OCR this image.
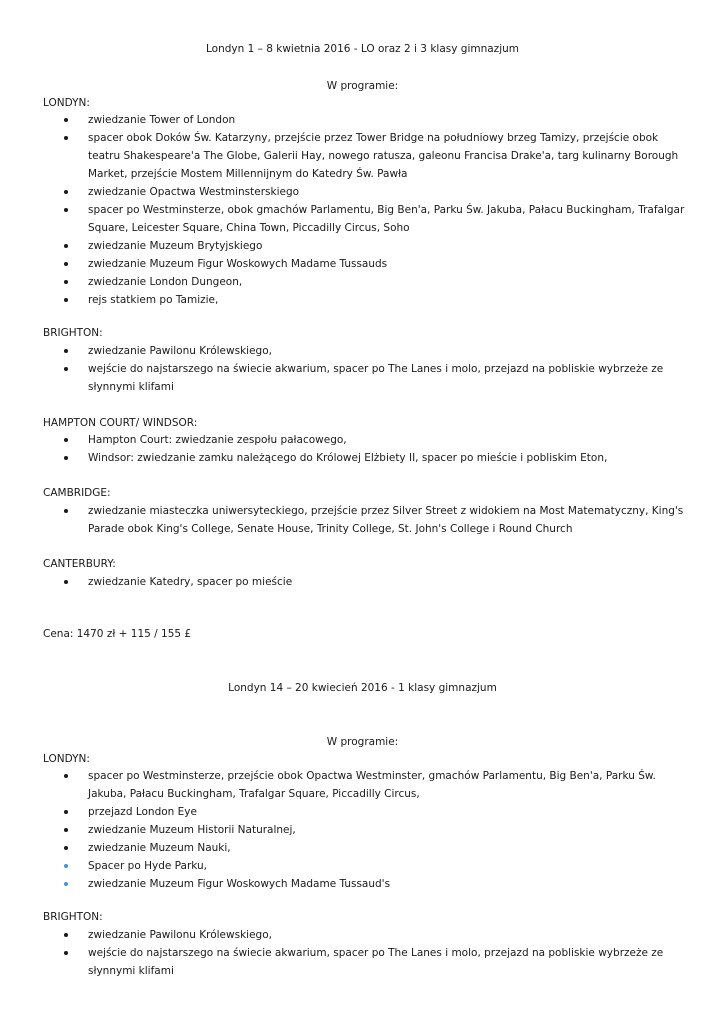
Londyn 1 – 8 kwietnia 2016 - LO oraz 2 i 3 klasy gimnazjum
W programie:
LONDYN:
zwiedzanie Tower of London
spacer obok Doków Św. Katarzyny, przejście przez Tower Bridge na południowy brzeg Tamizy, przejście obok teatru Shakespeare'a The Globe, Galerii Hay, nowego ratusza, galeonu Francisa Drake'a, targ kulinarny Borough Market, przejście Mostem Millennijnym do Katedry Św. Pawła
zwiedzanie Opactwa Westminsterskiego
spacer po Westminsterze, obok gmachów Parlamentu, Big Ben'a, Parku Św. Jakuba, Pałacu Buckingham, Trafalgar Square, Leicester Square, China Town, Piccadilly Circus, Soho
zwiedzanie Muzeum Brytyjskiego
zwiedzanie Muzeum Figur Woskowych Madame Tussauds
zwiedzanie London Dungeon,
rejs statkiem po Tamizie,
BRIGHTON:
zwiedzanie Pawilonu Królewskiego,
wejście do najstarszego na świecie akwarium, spacer po The Lanes i molo, przejazd na pobliskie wybrzeże ze słynnymi klifami
HAMPTON COURT/ WINDSOR:
Hampton Court: zwiedzanie zespołu pałacowego,
Windsor: zwiedzanie zamku należącego do Królowej Elżbiety II, spacer po mieście i pobliskim Eton,
CAMBRIDGE:
zwiedzanie miasteczka uniwersyteckiego, przejście przez Silver Street z widokiem na Most Matematyczny, King's Parade obok King's College, Senate House, Trinity College, St. John's College i Round Church
CANTERBURY:
zwiedzanie Katedry, spacer po mieście
Cena: 1470 zł + 115 / 155 £
Londyn 14 – 20 kwiecień 2016 - 1 klasy gimnazjum
W programie:
LONDYN:
spacer po Westminsterze, przejście obok Opactwa Westminster, gmachów Parlamentu, Big Ben'a, Parku Św. Jakuba, Pałacu Buckingham, Trafalgar Square, Piccadilly Circus,
przejazd London Eye
zwiedzanie Muzeum Historii Naturalnej,
zwiedzanie Muzeum Nauki,
Spacer po Hyde Parku,
zwiedzanie Muzeum Figur Woskowych Madame Tussaud's
BRIGHTON:
zwiedzanie Pawilonu Królewskiego,
wejście do najstarszego na świecie akwarium, spacer po The Lanes i molo, przejazd na pobliskie wybrzeże ze słynnymi klifami
